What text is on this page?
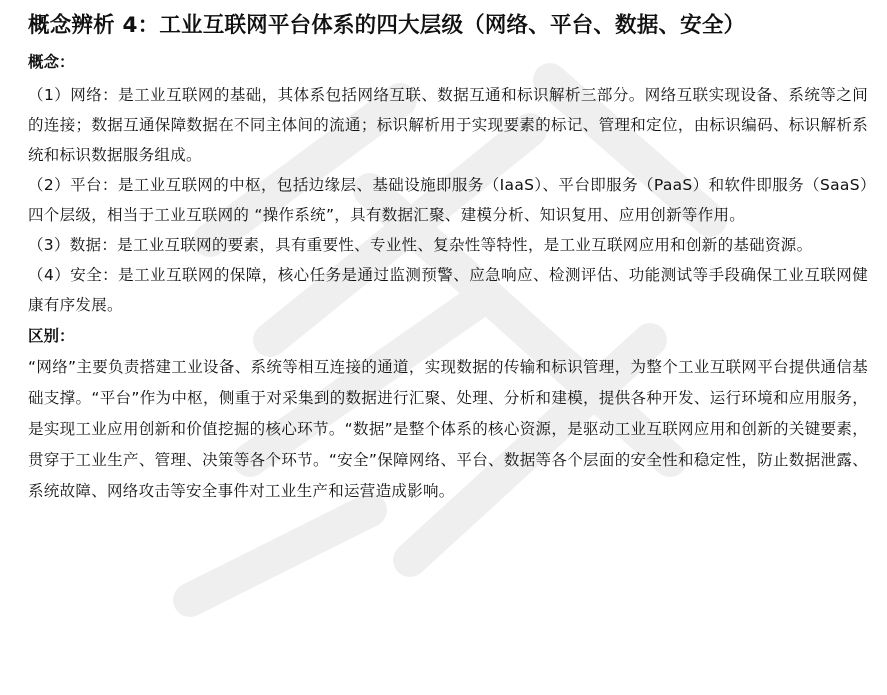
概念辨析 4：工业互联网平台体系的四大层级（网络、平台、数据、安全）

概念：

（1）网络：是工业互联网的基础，其体系包括网络互联、数据互通和标识解析三部分。网络互联实现设备、系统等之间的连接；数据互通保障数据在不同主体间的流通；标识解析用于实现要素的标记、管理和定位，由标识编码、标识解析系统和标识数据服务组成。

（2）平台：是工业互联网的中枢，包括边缘层、基础设施即服务（IaaS）、平台即服务（PaaS）和软件即服务（SaaS）四个层级，相当于工业互联网的 “操作系统”，具有数据汇聚、建模分析、知识复用、应用创新等作用。

（3）数据：是工业互联网的要素，具有重要性、专业性、复杂性等特性，是工业互联网应用和创新的基础资源。

（4）安全：是工业互联网的保障，核心任务是通过监测预警、应急响应、检测评估、功能测试等手段确保工业互联网健康有序发展。

区别：

“网络”主要负责搭建工业设备、系统等相互连接的通道，实现数据的传输和标识管理，为整个工业互联网平台提供通信基础支撑。“平台”作为中枢，侧重于对采集到的数据进行汇聚、处理、分析和建模，提供各种开发、运行环境和应用服务，是实现工业应用创新和价值挖掘的核心环节。“数据”是整个体系的核心资源，是驱动工业互联网应用和创新的关键要素，贯穿于工业生产、管理、决策等各个环节。“安全”保障网络、平台、数据等各个层面的安全性和稳定性，防止数据泄露、系统故障、网络攻击等安全事件对工业生产和运营造成影响。
